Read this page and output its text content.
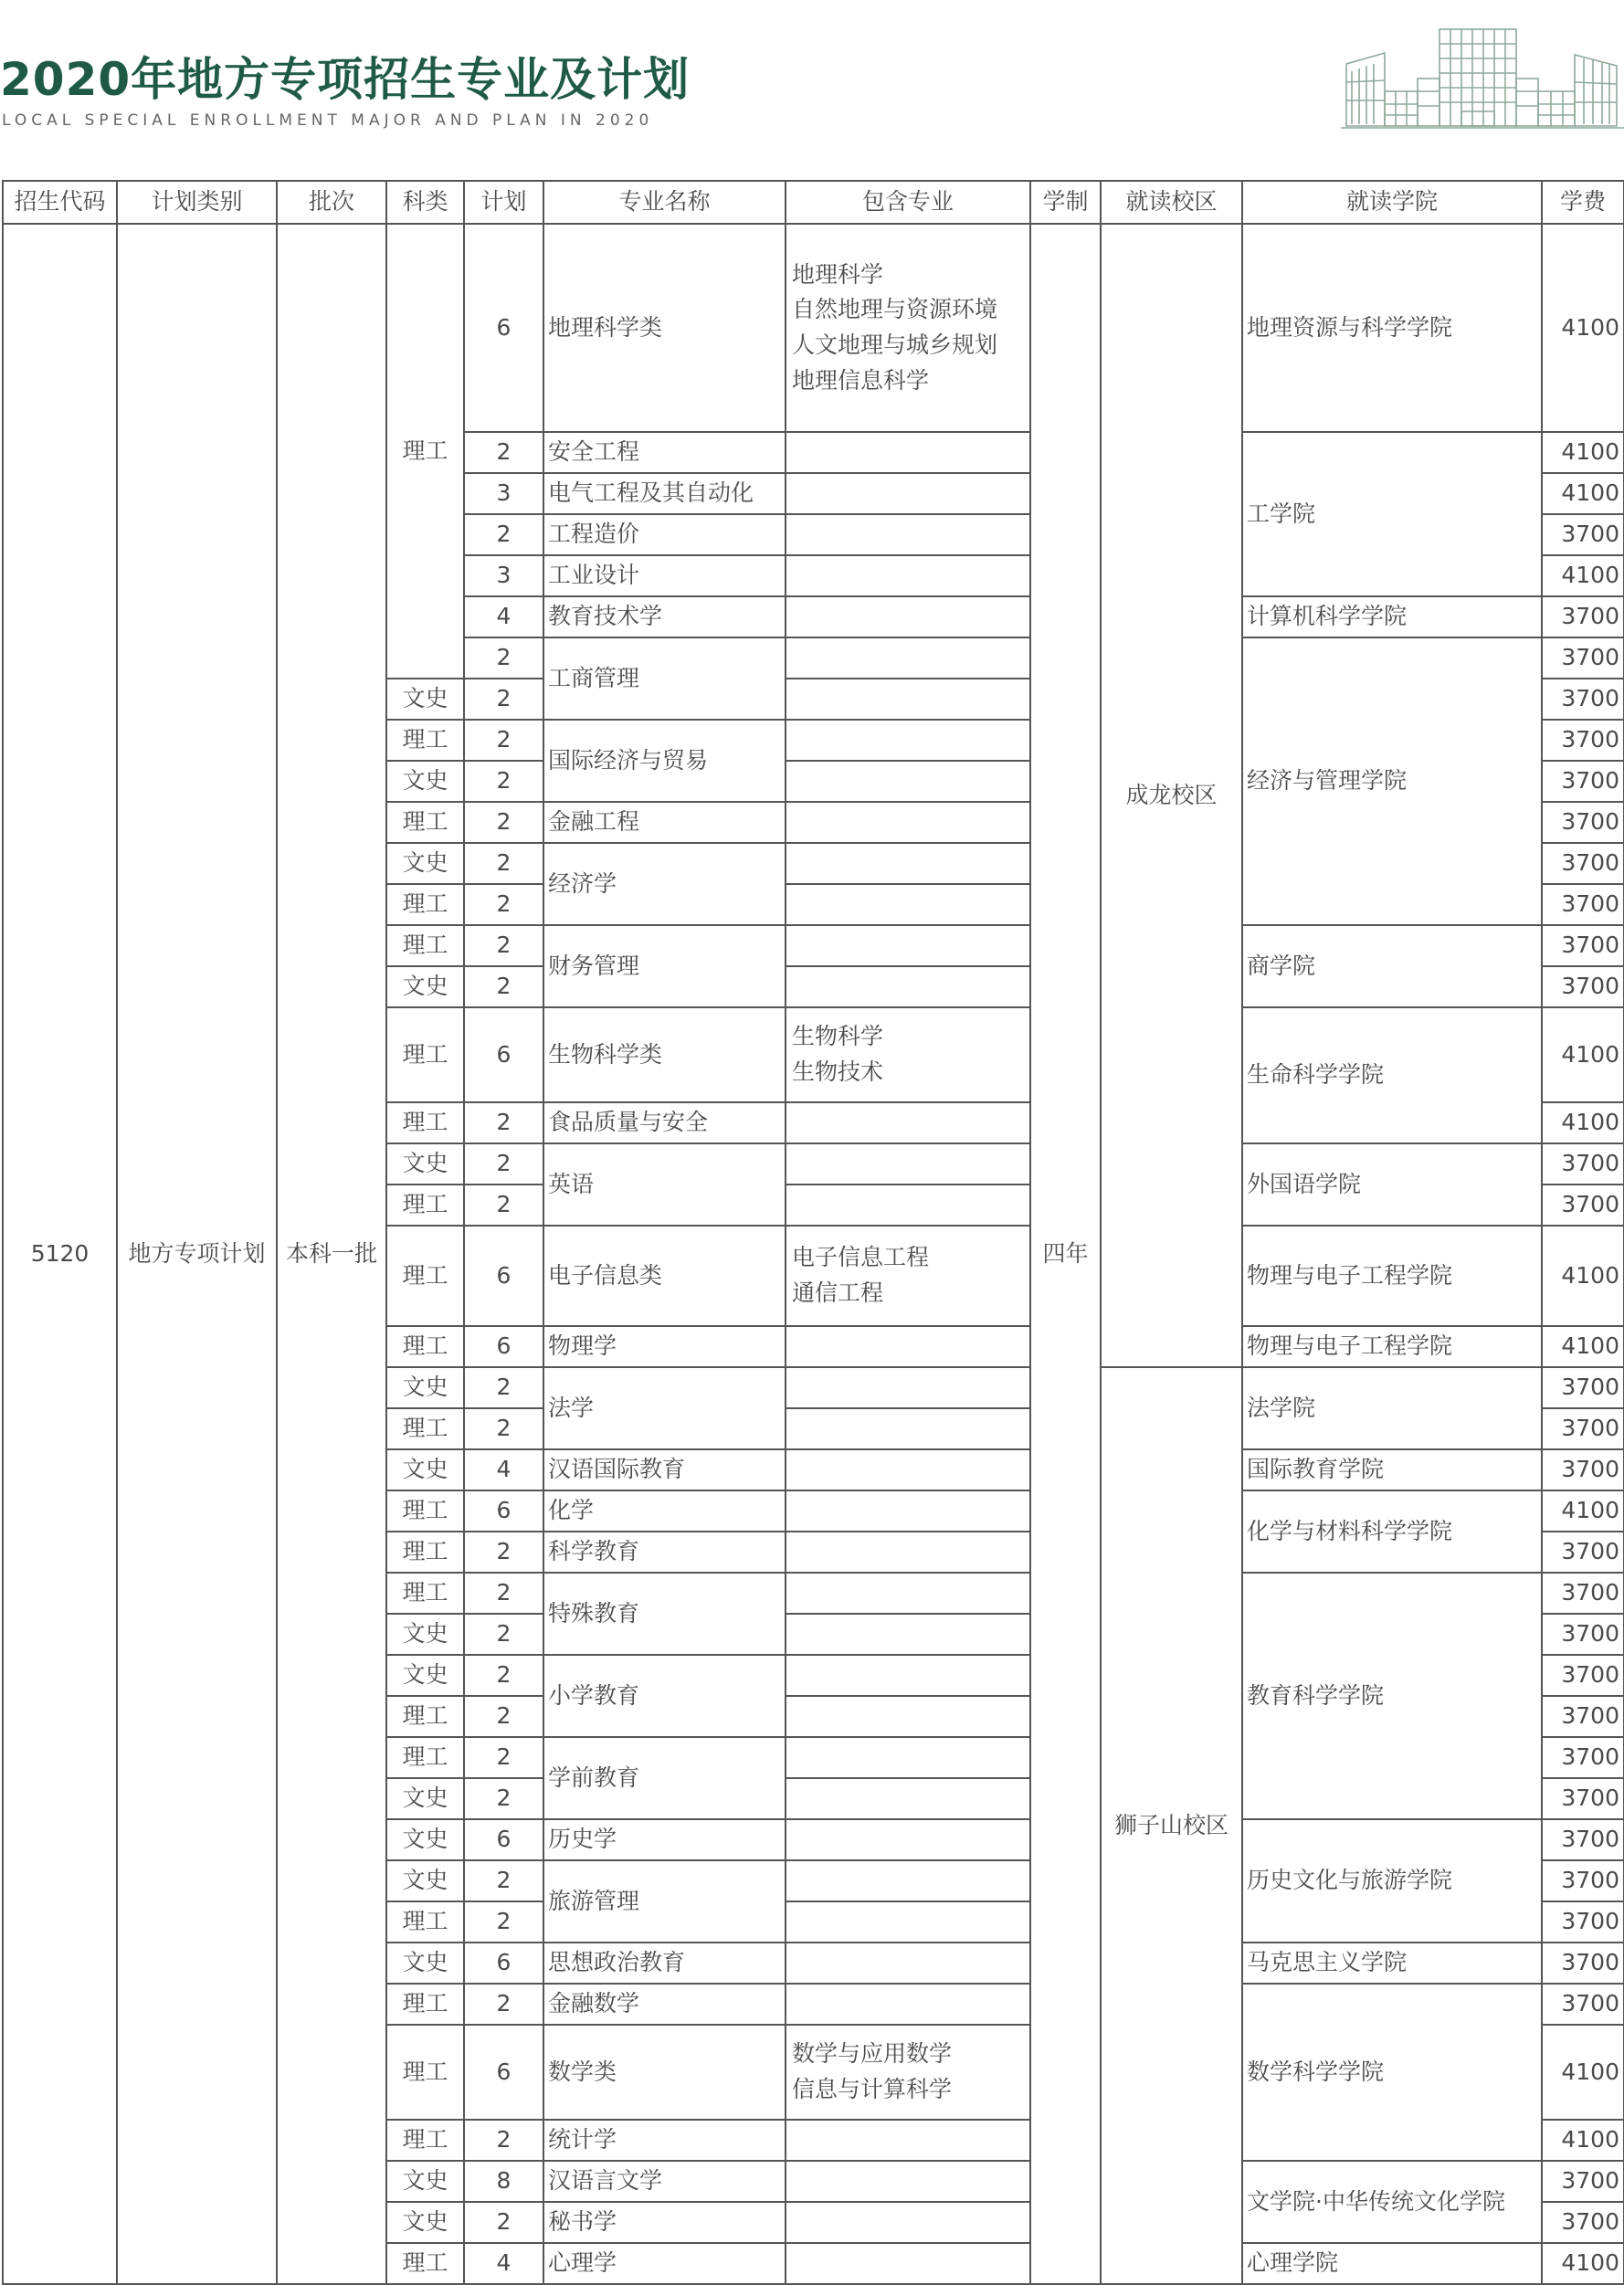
2020年地方专项招生专业及计划
LOCAL SPECIAL ENROLLMENT MAJOR AND PLAN IN 2020
招生代码	计划类别	批次	科类	计划	专业名称	包含专业	学制	就读校区	就读学院	学费
5120	地方专项计划	本科一批	理工	6	地理科学类	地理科学
自然地理与资源环境
人文地理与城乡规划
地理信息科学	四年	成龙校区	地理资源与科学学院	4100
				2	安全工程				工学院	4100
				3	电气工程及其自动化					4100
				2	工程造价					3700
				3	工业设计					4100
				4	教育技术学				计算机科学学院	3700
				2	工商管理				经济与管理学院	3700
			文史	2						3700
			理工	2	国际经济与贸易					3700
			文史	2						3700
			理工	2	金融工程					3700
			文史	2	经济学					3700
			理工	2						3700
			理工	2	财务管理				商学院	3700
			文史	2						3700
			理工	6	生物科学类	生物科学
生物技术			生命科学学院	4100
			理工	2	食品质量与安全					4100
			文史	2	英语				外国语学院	3700
			理工	2						3700
			理工	6	电子信息类	电子信息工程
通信工程			物理与电子工程学院	4100
			理工	6	物理学				物理与电子工程学院	4100
			文史	2	法学			狮子山校区	法学院	3700
			理工	2						3700
			文史	4	汉语国际教育				国际教育学院	3700
			理工	6	化学				化学与材料科学学院	4100
			理工	2	科学教育					3700
			理工	2	特殊教育				教育科学学院	3700
			文史	2						3700
			文史	2	小学教育					3700
			理工	2						3700
			理工	2	学前教育					3700
			文史	2						3700
			文史	6	历史学				历史文化与旅游学院	3700
			文史	2	旅游管理					3700
			理工	2						3700
			文史	6	思想政治教育				马克思主义学院	3700
			理工	2	金融数学				数学科学学院	3700
			理工	6	数学类	数学与应用数学
信息与计算科学				4100
			理工	2	统计学					4100
			文史	8	汉语言文学				文学院·中华传统文化学院	3700
			文史	2	秘书学					3700
			理工	4	心理学				心理学院	4100
